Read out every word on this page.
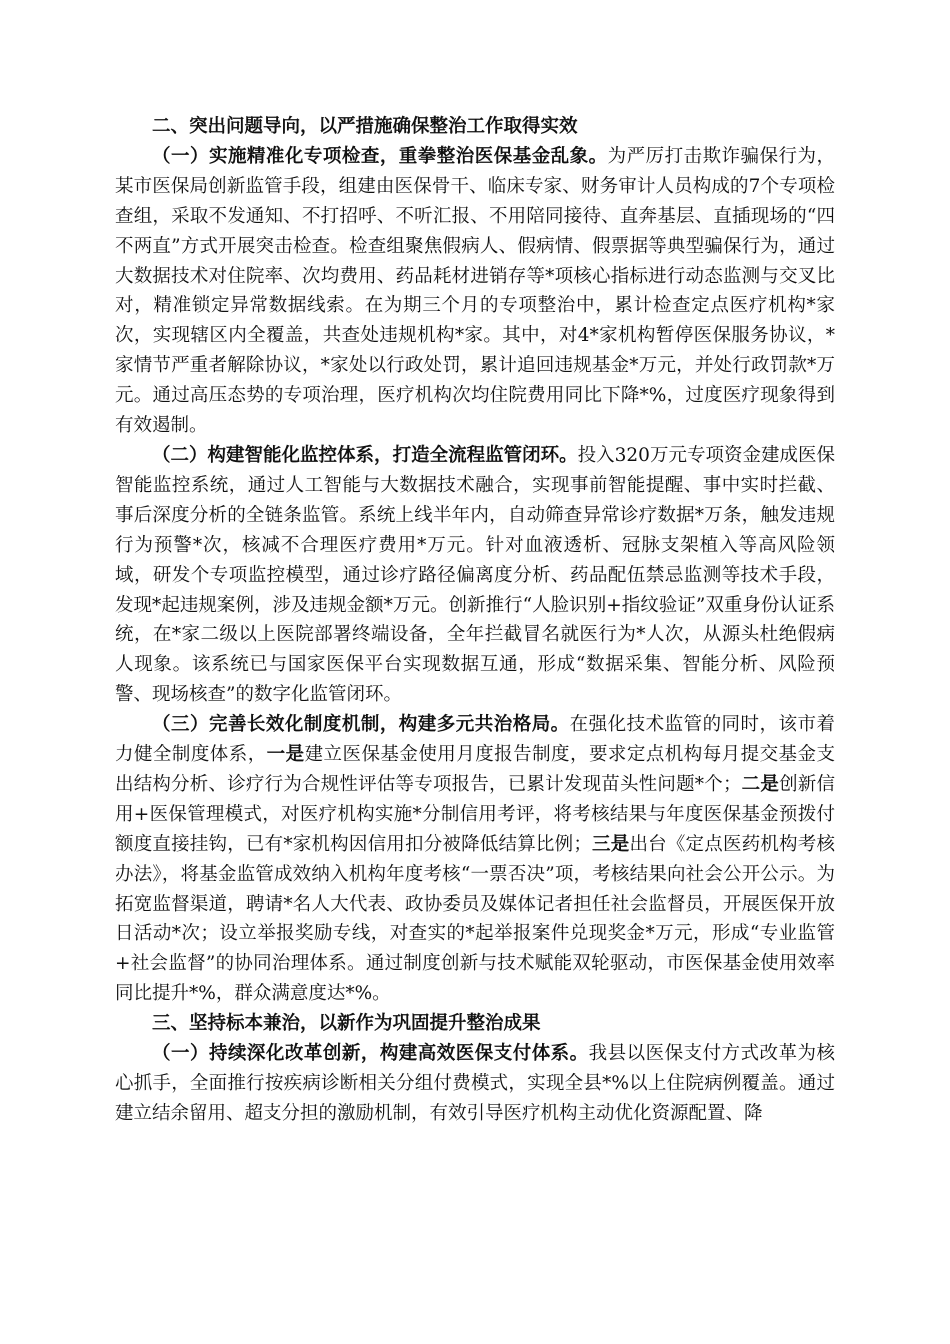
二、突出问题导向，以严措施确保整治工作取得实效

（一）实施精准化专项检查，重拳整治医保基金乱象。为严厉打击欺诈骗保行为，某市医保局创新监管手段，组建由医保骨干、临床专家、财务审计人员构成的7个专项检查组，采取不发通知、不打招呼、不听汇报、不用陪同接待、直奔基层、直插现场的“四不两直”方式开展突击检查。检查组聚焦假病人、假病情、假票据等典型骗保行为，通过大数据技术对住院率、次均费用、药品耗材进销存等*项核心指标进行动态监测与交叉比对，精准锁定异常数据线索。在为期三个月的专项整治中，累计检查定点医疗机构*家次，实现辖区内全覆盖，共查处违规机构*家。其中，对4*家机构暂停医保服务协议，*家情节严重者解除协议，*家处以行政处罚，累计追回违规基金*万元，并处行政罚款*万元。通过高压态势的专项治理，医疗机构次均住院费用同比下降*%，过度医疗现象得到有效遏制。

（二）构建智能化监控体系，打造全流程监管闭环。投入320万元专项资金建成医保智能监控系统，通过人工智能与大数据技术融合，实现事前智能提醒、事中实时拦截、事后深度分析的全链条监管。系统上线半年内，自动筛查异常诊疗数据*万条，触发违规行为预警*次，核减不合理医疗费用*万元。针对血液透析、冠脉支架植入等高风险领域，研发个专项监控模型，通过诊疗路径偏离度分析、药品配伍禁忌监测等技术手段，发现*起违规案例，涉及违规金额*万元。创新推行“人脸识别+指纹验证”双重身份认证系统，在*家二级以上医院部署终端设备，全年拦截冒名就医行为*人次，从源头杜绝假病人现象。该系统已与国家医保平台实现数据互通，形成“数据采集、智能分析、风险预警、现场核查”的数字化监管闭环。

（三）完善长效化制度机制，构建多元共治格局。在强化技术监管的同时，该市着力健全制度体系，一是建立医保基金使用月度报告制度，要求定点机构每月提交基金支出结构分析、诊疗行为合规性评估等专项报告，已累计发现苗头性问题*个；二是创新信用+医保管理模式，对医疗机构实施*分制信用考评，将考核结果与年度医保基金预拨付额度直接挂钩，已有*家机构因信用扣分被降低结算比例；三是出台《定点医药机构考核办法》，将基金监管成效纳入机构年度考核“一票否决”项，考核结果向社会公开公示。为拓宽监督渠道，聘请*名人大代表、政协委员及媒体记者担任社会监督员，开展医保开放日活动*次；设立举报奖励专线，对查实的*起举报案件兑现奖金*万元，形成“专业监管+社会监督”的协同治理体系。通过制度创新与技术赋能双轮驱动，市医保基金使用效率同比提升*%，群众满意度达*%。

三、坚持标本兼治，以新作为巩固提升整治成果

（一）持续深化改革创新，构建高效医保支付体系。我县以医保支付方式改革为核心抓手，全面推行按疾病诊断相关分组付费模式，实现全县*%以上住院病例覆盖。通过建立结余留用、超支分担的激励机制，有效引导医疗机构主动优化资源配置、降
